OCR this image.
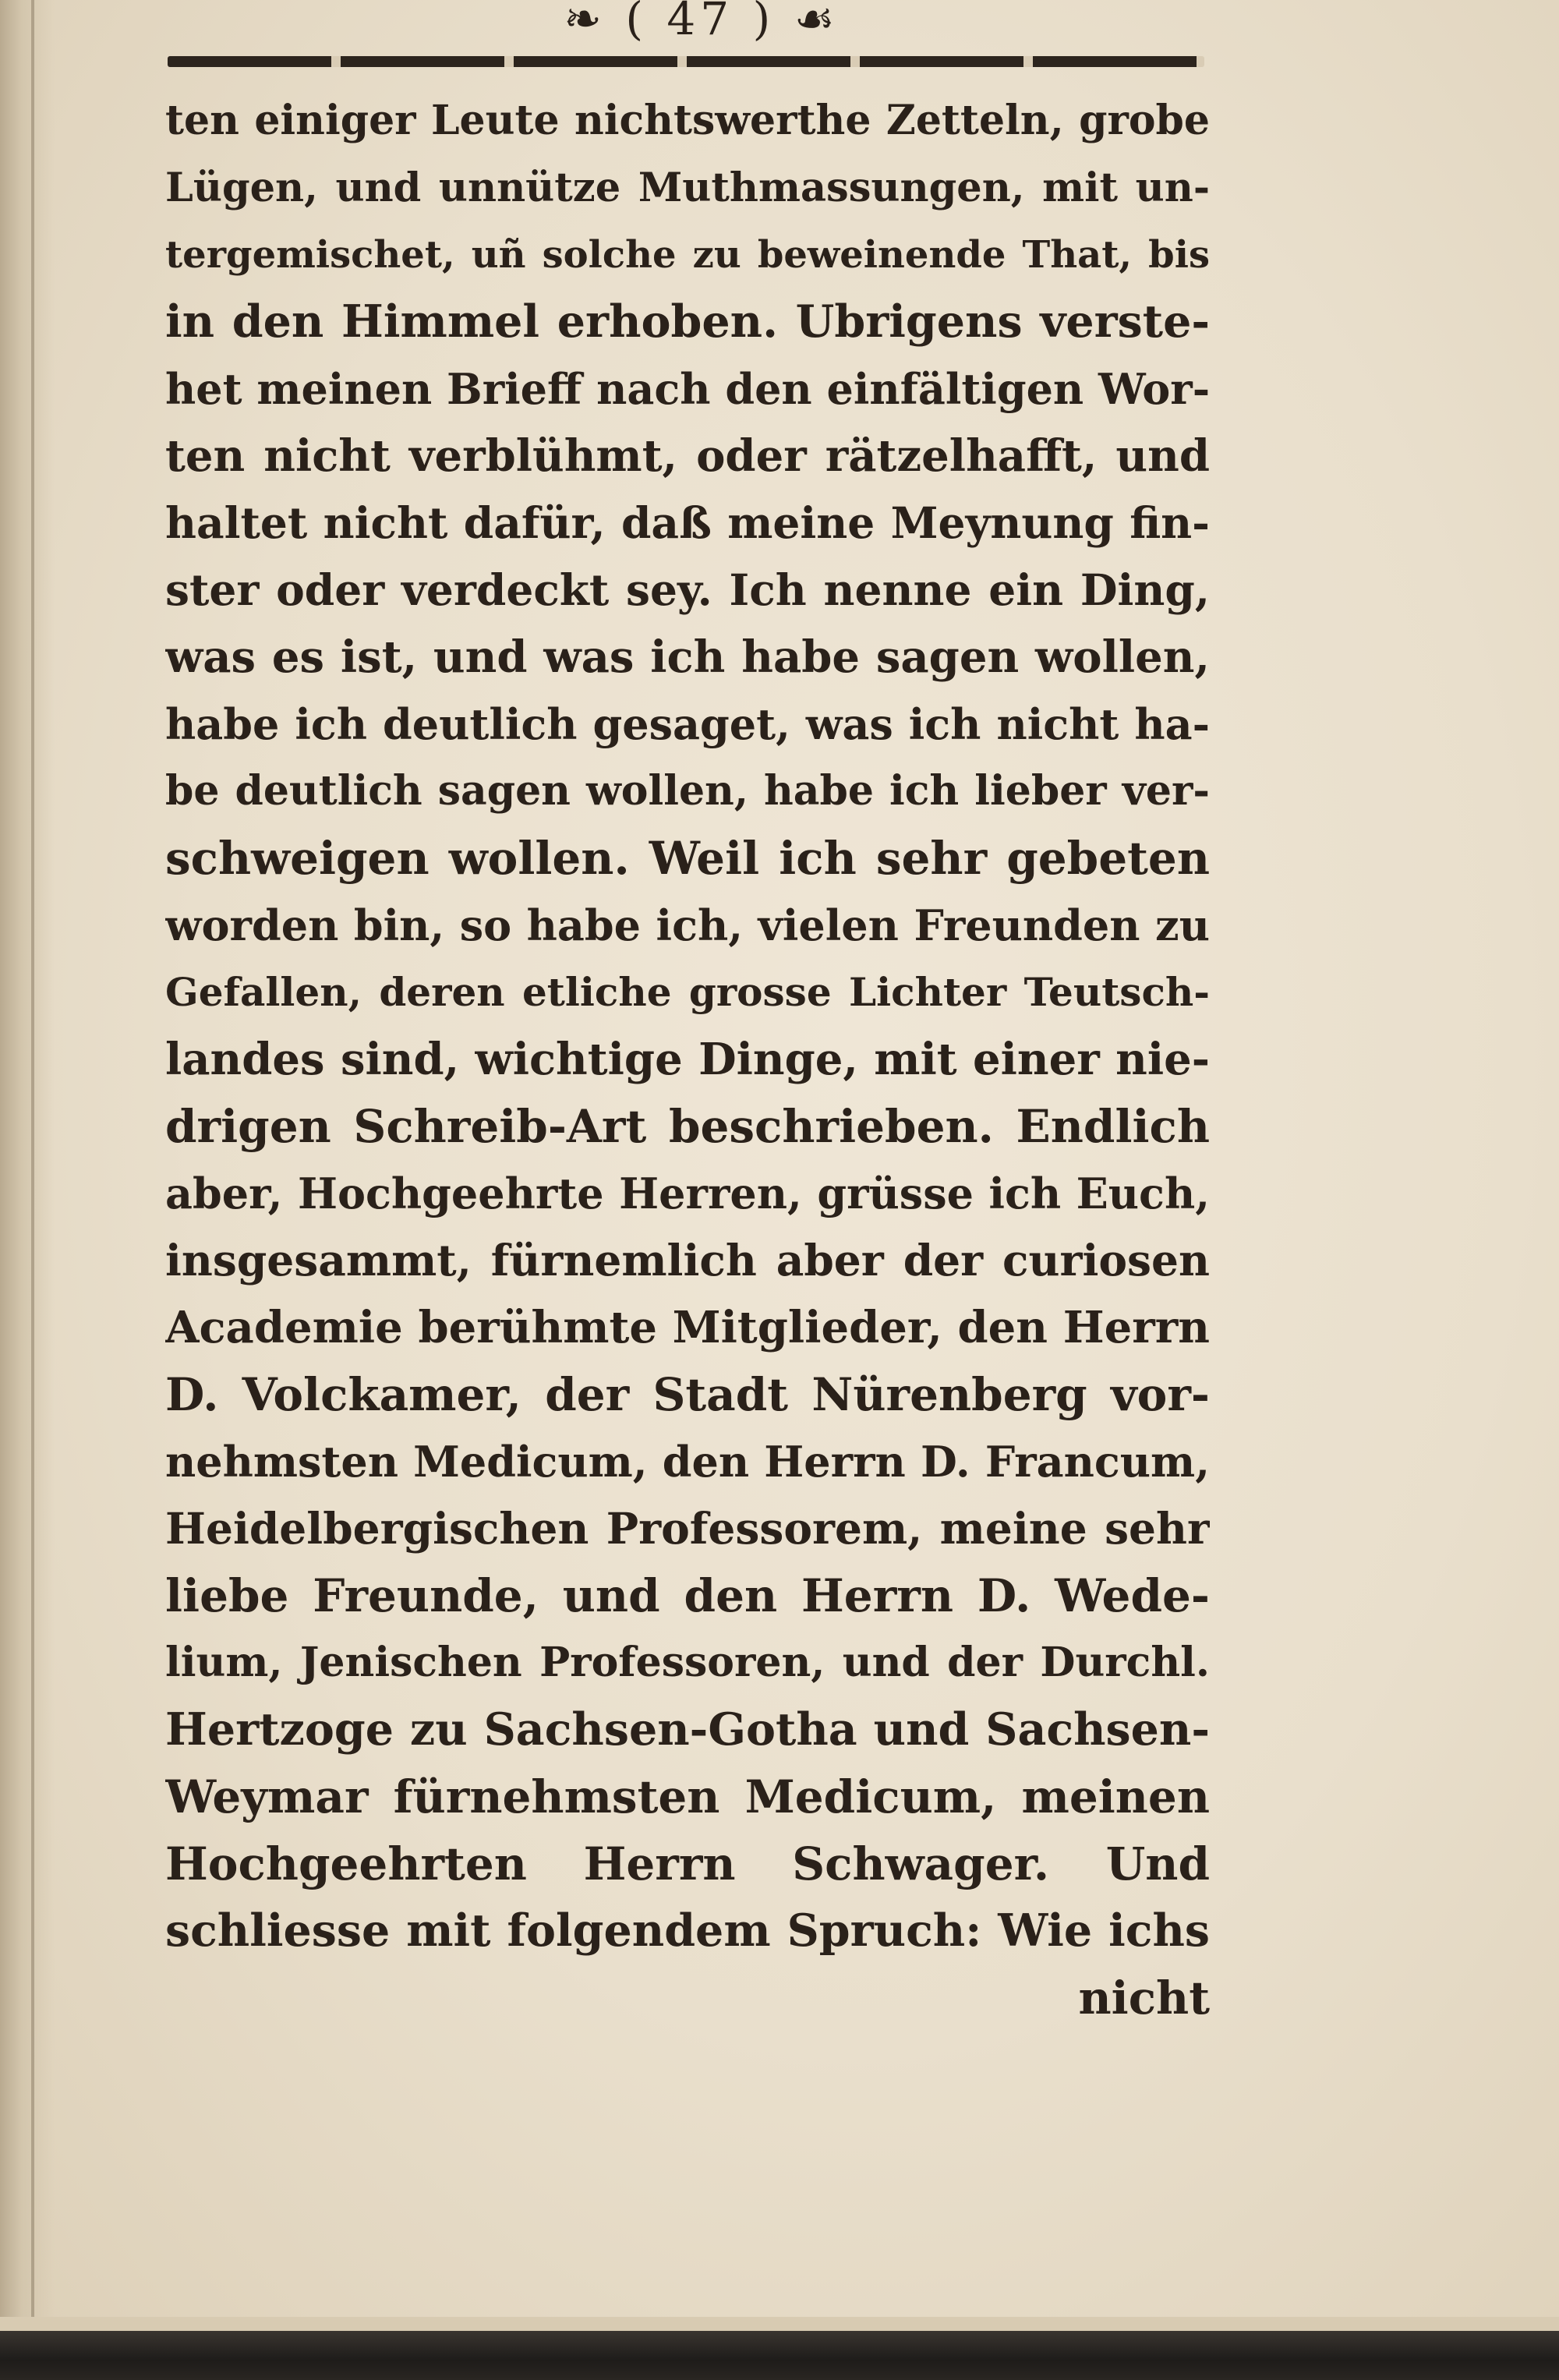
❧ ( 47 ) ☙
ten einiger Leute nichtswerthe Zetteln, grobe
Lügen, und unnütze Muthmassungen, mit un-
tergemischet, uñ solche zu beweinende That, bis
in den Himmel erhoben. Ubrigens verste-
het meinen Brieff nach den einfältigen Wor-
ten nicht verblühmt, oder rätzelhafft, und
haltet nicht dafür, daß meine Meynung fin-
ster oder verdeckt sey. Ich nenne ein Ding,
was es ist, und was ich habe sagen wollen,
habe ich deutlich gesaget, was ich nicht ha-
be deutlich sagen wollen, habe ich lieber ver-
schweigen wollen. Weil ich sehr gebeten
worden bin, so habe ich, vielen Freunden zu
Gefallen, deren etliche grosse Lichter Teutsch-
landes sind, wichtige Dinge, mit einer nie-
drigen Schreib-Art beschrieben. Endlich
aber, Hochgeehrte Herren, grüsse ich Euch,
insgesammt, fürnemlich aber der curiosen
Academie berühmte Mitglieder, den Herrn
D. Volckamer, der Stadt Nürenberg vor-
nehmsten Medicum, den Herrn D. Francum,
Heidelbergischen Professorem, meine sehr
liebe Freunde, und den Herrn D. Wede-
lium, Jenischen Professoren, und der Durchl.
Hertzoge zu Sachsen-Gotha und Sachsen-
Weymar fürnehmsten Medicum, meinen
Hochgeehrten Herrn Schwager. Und
schliesse mit folgendem Spruch: Wie ichs
nicht
